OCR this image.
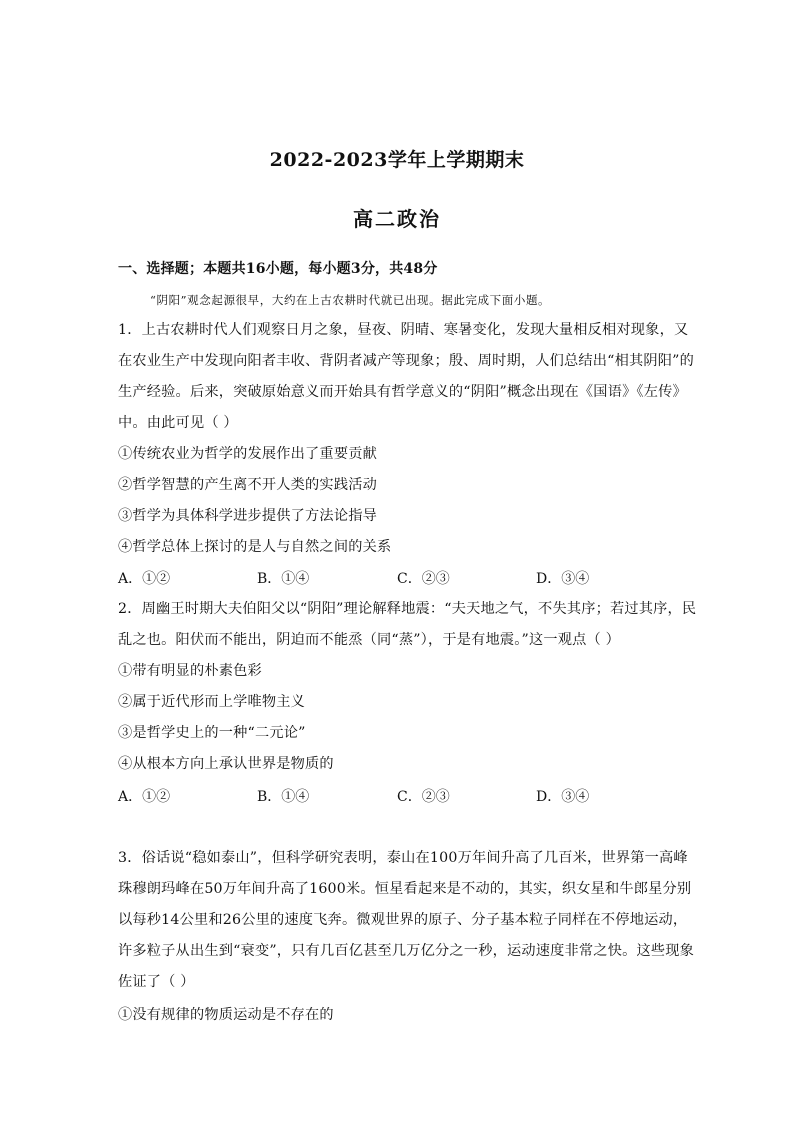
2022-2023学年上学期期末
高二政治
一、选择题；本题共16小题，每小题3分，共48分
“阴阳”观念起源很早，大约在上古农耕时代就已出现。据此完成下面小题。
1．上古农耕时代人们观察日月之象，昼夜、阴晴、寒暑变化，发现大量相反相对现象，又
在农业生产中发现向阳者丰收、背阴者减产等现象；殷、周时期，人们总结出“相其阴阳”的
生产经验。后来，突破原始意义而开始具有哲学意义的“阴阳”概念出现在《国语》《左传》
中。由此可见（ ）
①传统农业为哲学的发展作出了重要贡献
②哲学智慧的产生离不开人类的实践活动
③哲学为具体科学进步提供了方法论指导
④哲学总体上探讨的是人与自然之间的关系
A．①②	B．①④	C．②③	D．③④
2．周幽王时期大夫伯阳父以“阴阳”理论解释地震：“夫天地之气，不失其序；若过其序，民
乱之也。阳伏而不能出，阴迫而不能烝（同“蒸”），于是有地震。”这一观点（ ）
①带有明显的朴素色彩
②属于近代形而上学唯物主义
③是哲学史上的一种“二元论”
④从根本方向上承认世界是物质的
A．①②	B．①④	C．②③	D．③④
3．俗话说“稳如泰山”，但科学研究表明，泰山在100万年间升高了几百米，世界第一高峰
珠穆朗玛峰在50万年间升高了1600米。恒星看起来是不动的，其实，织女星和牛郎星分别
以每秒14公里和26公里的速度飞奔。微观世界的原子、分子基本粒子同样在不停地运动，
许多粒子从出生到“衰变”，只有几百亿甚至几万亿分之一秒，运动速度非常之快。这些现象
佐证了（ ）
①没有规律的物质运动是不存在的
